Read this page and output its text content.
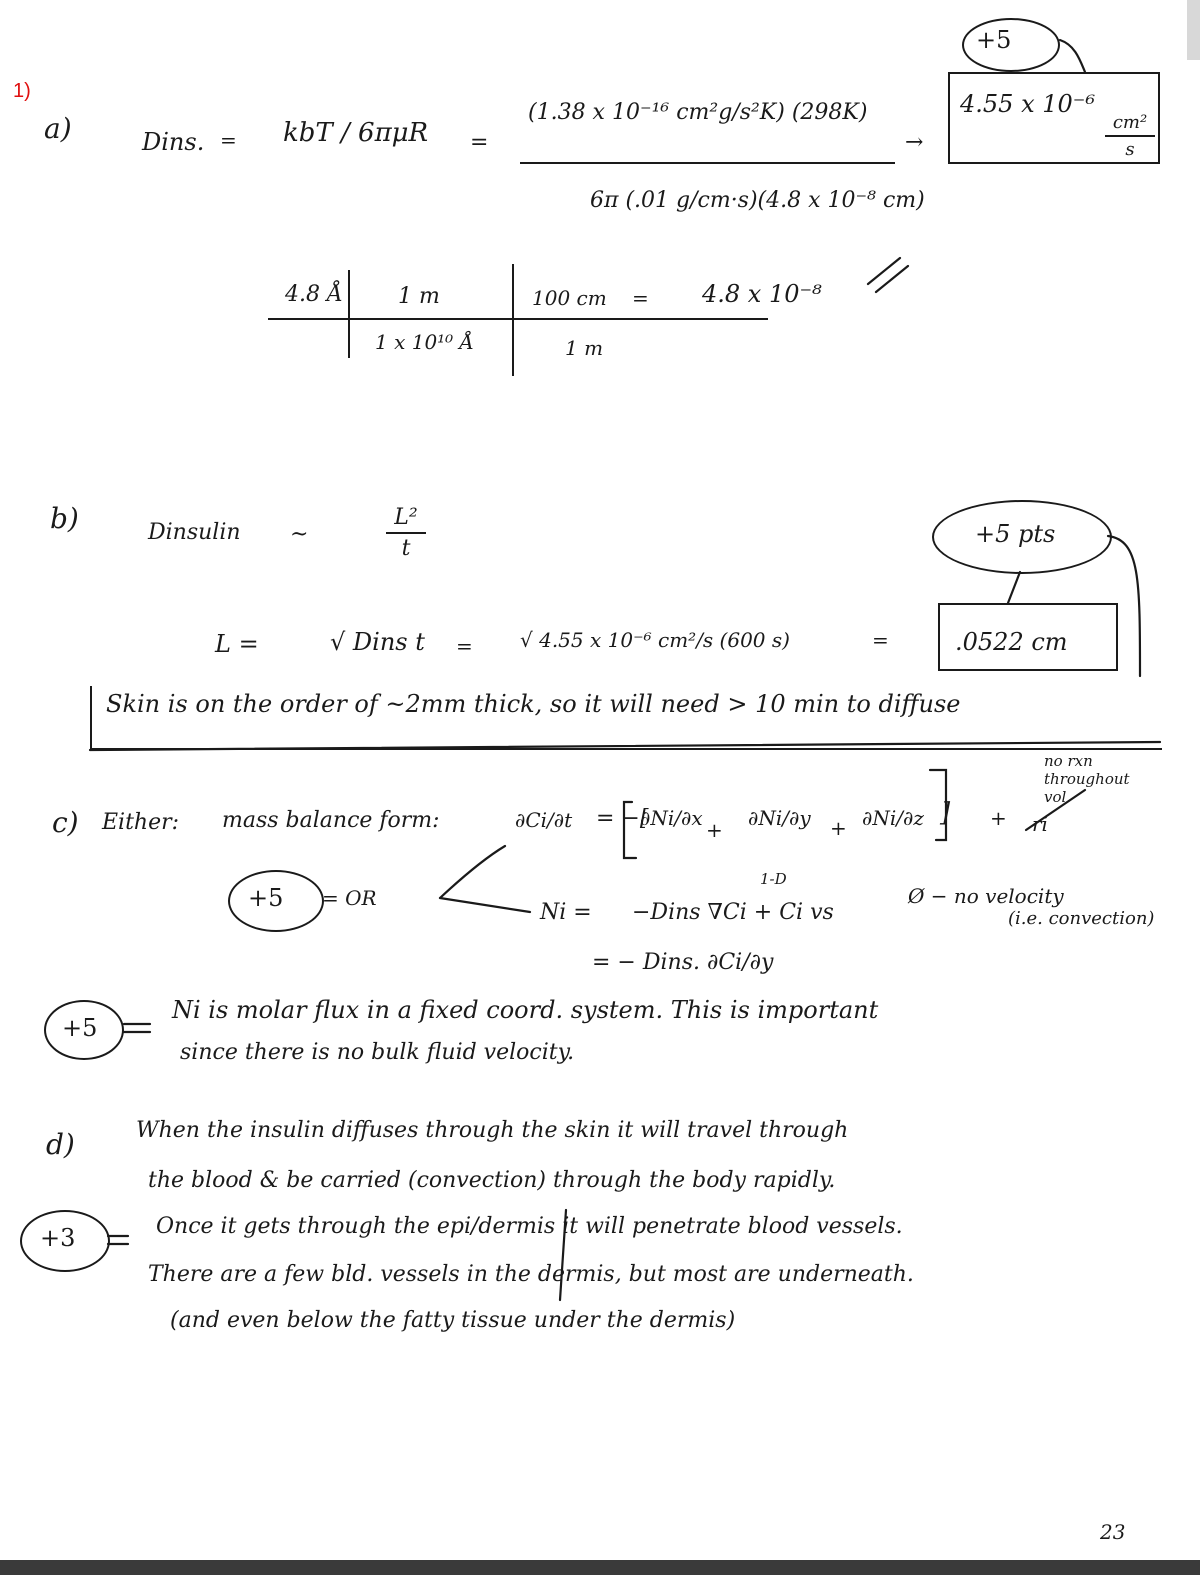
1)
a)	Dins. = kbT / 6πμR =
(1.38 x 10⁻¹⁶ cm²g/s²K) (298K)
6π (.01 g/cm·s)(4.8 x 10⁻⁸ cm)
→
+5
4.55 x 10⁻⁶
cm²
s
4.8 Å	1 m
1 x 10¹⁰ Å
100 cm
1 m
= 4.8 x 10⁻⁸
b)	Dinsulin ~
L²
t
L =	√ Dins t = √ 4.55 x 10⁻⁶ cm²/s (600 s)	=
+5 pts
.0522 cm
Skin is on the order of ~2mm thick, so it will need > 10 min to diffuse
c) Either: mass balance form:	∂Ci/∂t = −[
∂Ni/∂x + ∂Ni/∂y + ∂Ni/∂z ] + ri
no rxn throughout vol.
1-D
+5 = OR
Ni = −Dins ∇Ci + Ci vs
Ø − no velocity
(i.e. convection)
= − Dins. ∂Ci/∂y
+5
Ni is molar flux in a fixed coord. system. This is important
since there is no bulk fluid velocity.
d)
+3
When the insulin diffuses through the skin it will travel through
the blood & be carried (convection) through the body rapidly.
Once it gets through the epi/dermis it will penetrate blood vessels.
There are a few bld. vessels in the dermis, but most are underneath.
(and even below the fatty tissue under the dermis)
23
